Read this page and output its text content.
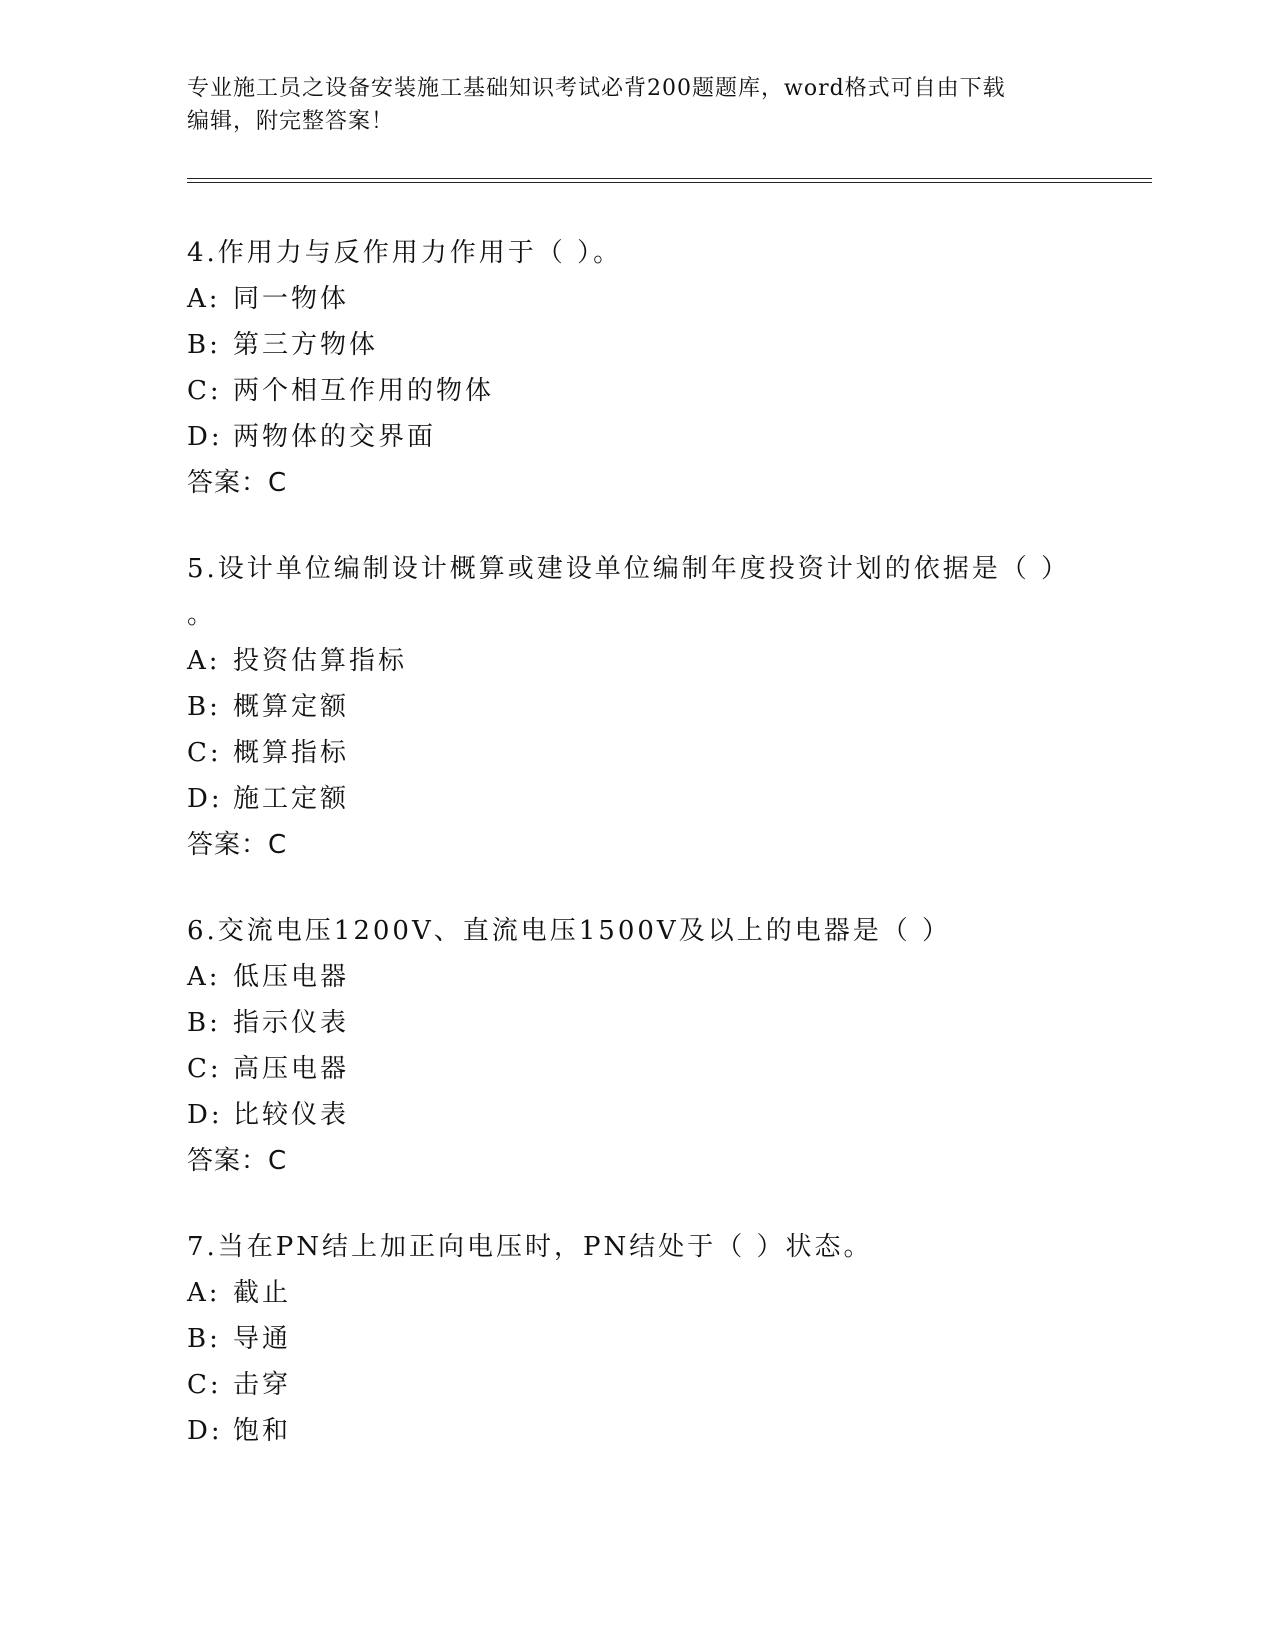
专业施工员之设备安装施工基础知识考试必背200题题库，word格式可自由下载
编辑，附完整答案！
4.作用力与反作用力作用于（ ）。
A: 同一物体
B: 第三方物体
C: 两个相互作用的物体
D: 两物体的交界面
答案：C
5.设计单位编制设计概算或建设单位编制年度投资计划的依据是（ ）
。
A: 投资估算指标
B: 概算定额
C: 概算指标
D: 施工定额
答案：C
6.交流电压1200V、直流电压1500V及以上的电器是（ ）
A: 低压电器
B: 指示仪表
C: 高压电器
D: 比较仪表
答案：C
7.当在PN结上加正向电压时，PN结处于（ ）状态。
A: 截止
B: 导通
C: 击穿
D: 饱和
